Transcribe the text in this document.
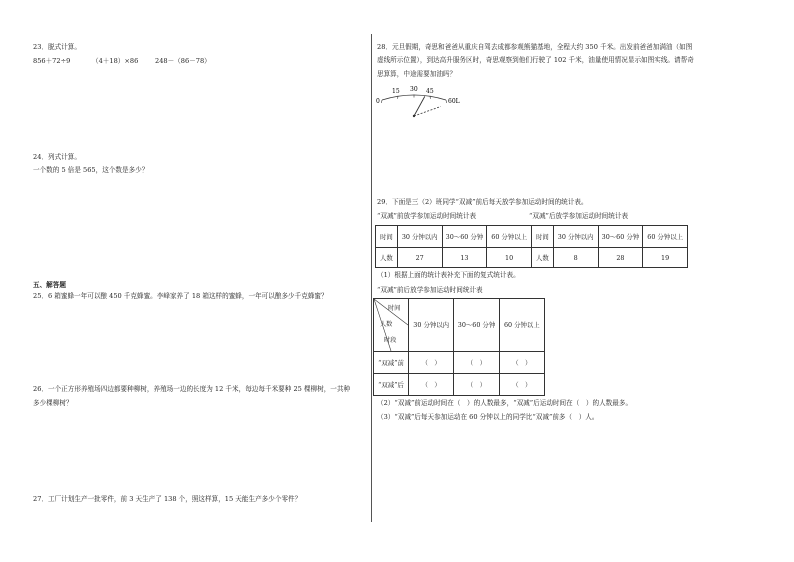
23．脱式计算。
856＋72÷9	（4＋18）×86	248－（86－78）
24．列式计算。
一个数的 5 倍是 565，这个数是多少？
五、解答题
25．6 箱蜜蜂一年可以酿 450 千克蜂蜜。李峰家养了 18 箱这样的蜜蜂，一年可以酿多少千克蜂蜜？
26．一个正方形养殖场四边都要种柳树，养殖场一边的长度为 12 千米，每边每千米要种 25 棵柳树，一共种
多少棵柳树？
27．工厂计划生产一批零件，前 3 天生产了 138 个，照这样算，15 天能生产多少个零件？
28．元旦假期，奇思和爸爸从重庆自驾去成都参观熊猫基地，全程大约 350 千米。出发前爸爸加满油（如图
虚线所示位置），到达高升服务区时，奇思观察到他们行驶了 102 千米，油量使用情况显示如图实线。请帮奇
思算算，中途需要加油吗？
0
15 30 45
60L
29．下面是三（2）班同学“双减”前后每天放学参加运动时间的统计表。
“双减”前放学参加运动时间统计表	“双减”后放学参加运动时间统计表
时间	30 分钟以内	30～60 分钟	60 分钟以上	时间	30 分钟以内	30～60 分钟	60 分钟以上
人数	27	13	10	人数	8	28	19
（1）根据上面的统计表补充下面的复式统计表。
“双减”前后放学参加运动时间统计表
时间
人数
时段	30 分钟以内	30～60 分钟	60 分钟以上
“双减”前	（　）	（　）	（　）
“双减”后	（　）	（　）	（　）
（2）“双减”前运动时间在（　）的人数最多，“双减”后运动时间在（　）的人数最多。
（3）“双减”后每天参加运动在 60 分钟以上的同学比“双减”前多（　）人。
